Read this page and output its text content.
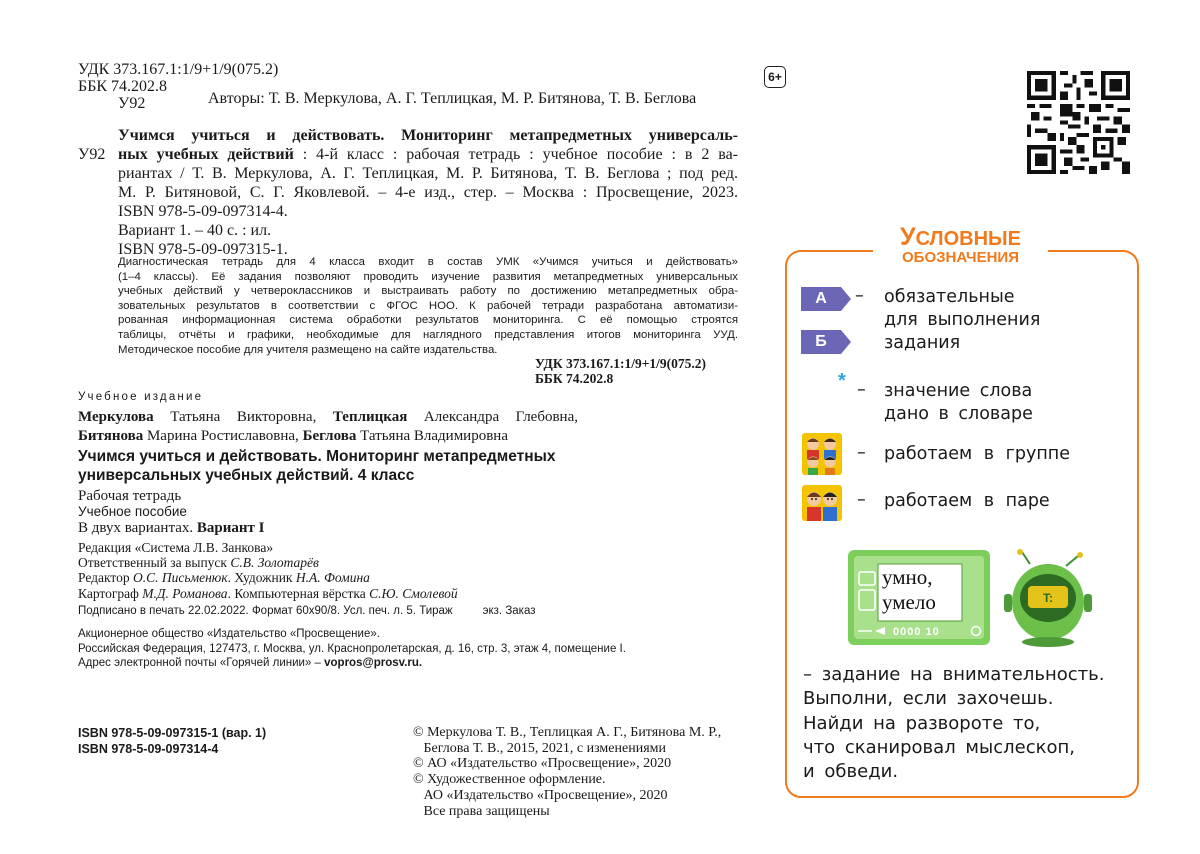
УДК 373.167.1:1/9+1/9(075.2)
ББК 74.202.8
У92	Авторы: Т. В. Меркулова, А. Г. Теплицкая, М. Р. Битянова, Т. В. Беглова
У92
Учимся учиться и действовать. Мониторинг метапредметных универсаль-
ных учебных действий : 4-й класс : рабочая тетрадь : учебное пособие : в 2 ва-
риантах / Т. В. Меркулова, А. Г. Теплицкая, М. Р. Битянова, Т. В. Беглова ; под ред.
М. Р. Битяновой, С. Г. Яковлевой. – 4-е изд., стер. – Москва : Просвещение, 2023.
ISBN 978-5-09-097314-4.
Вариант 1. – 40 с. : ил.
ISBN 978-5-09-097315-1.
Диагностическая тетрадь для 4 класса входит в состав УМК «Учимся учиться и действовать»
(1–4 классы). Её задания позволяют проводить изучение развития метапредметных универсальных
учебных действий у четвероклассников и выстраивать работу по достижению метапредметных обра-
зовательных результатов в соответствии с ФГОС НОО. К рабочей тетради разработана автоматизи-
рованная информационная система обработки результатов мониторинга. С её помощью строятся
таблицы, отчёты и графики, необходимые для наглядного представления итогов мониторинга УУД.
Методическое пособие для учителя размещено на сайте издательства.
УДК 373.167.1:1/9+1/9(075.2)
ББК 74.202.8
Учебное издание
Меркулова Татьяна Викторовна, Теплицкая Александра Глебовна,
Битянова Марина Ростиславовна, Беглова Татьяна Владимировна
Учимся учиться и действовать. Мониторинг метапредметных
универсальных учебных действий. 4 класс
Рабочая тетрадь
Учебное пособие
В двух вариантах. Вариант I
Редакция «Система Л.В. Занкова»
Ответственный за выпуск С.В. Золотарёв
Редактор О.С. Письменюк. Художник Н.А. Фомина
Картограф М.Д. Романова. Компьютерная вёрстка С.Ю. Смолевой
Подписано в печать 22.02.2022. Формат 60х90/8. Усл. печ. л. 5. Тираж	экз. Заказ
Акционерное общество «Издательство «Просвещение».
Российская Федерация, 127473, г. Москва, ул. Краснопролетарская, д. 16, стр. 3, этаж 4, помещение I.
Адрес электронной почты «Горячей линии» – vopros@prosv.ru.
ISBN 978-5-09-097315-1 (вар. 1)
ISBN 978-5-09-097314-4
© Меркулова Т. В., Теплицкая А. Г., Битянова М. Р.,
Беглова Т. В., 2015, 2021, с изменениями
© АО «Издательство «Просвещение», 2020
© Художественное оформление.
АО «Издательство «Просвещение», 2020
Все права защищены
6+
УСЛОВНЫЕ
ОБОЗНАЧЕНИЯ
А
Б
– обязательные
для выполнения
задания
* – значение слова
дано в словаре
– работаем в группе
– работаем в паре
умно,
умело
0000 10
T:
– задание на внимательность.
Выполни, если захочешь.
Найди на развороте то,
что сканировал мыслескоп,
и обведи.
